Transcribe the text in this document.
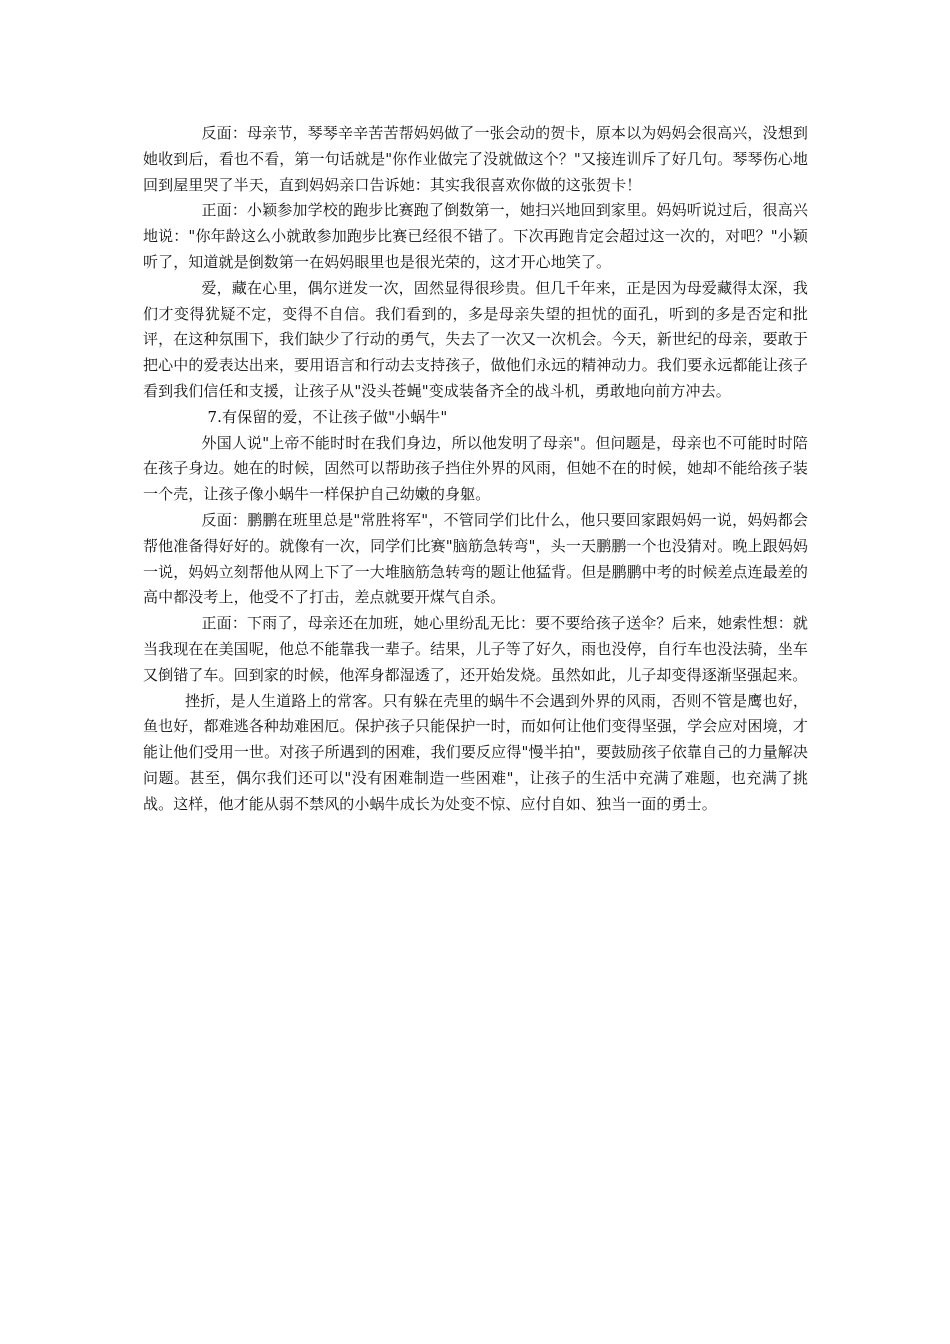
反面：母亲节，琴琴辛辛苦苦帮妈妈做了一张会动的贺卡，原本以为妈妈会很高兴，没想到她收到后，看也不看，第一句话就是"你作业做完了没就做这个？"又接连训斥了好几句。琴琴伤心地回到屋里哭了半天，直到妈妈亲口告诉她：其实我很喜欢你做的这张贺卡！

正面：小颖参加学校的跑步比赛跑了倒数第一，她扫兴地回到家里。妈妈听说过后，很高兴地说："你年龄这么小就敢参加跑步比赛已经很不错了。下次再跑肯定会超过这一次的，对吧？"小颖听了，知道就是倒数第一在妈妈眼里也是很光荣的，这才开心地笑了。

爱，藏在心里，偶尔迸发一次，固然显得很珍贵。但几千年来，正是因为母爱藏得太深，我们才变得犹疑不定，变得不自信。我们看到的，多是母亲失望的担忧的面孔，听到的多是否定和批评，在这种氛围下，我们缺少了行动的勇气，失去了一次又一次机会。今天，新世纪的母亲，要敢于把心中的爱表达出来，要用语言和行动去支持孩子，做他们永远的精神动力。我们要永远都能让孩子看到我们信任和支援，让孩子从"没头苍蝇"变成装备齐全的战斗机，勇敢地向前方冲去。

7.有保留的爱，不让孩子做"小蜗牛"

外国人说"上帝不能时时在我们身边，所以他发明了母亲"。但问题是，母亲也不可能时时陪在孩子身边。她在的时候，固然可以帮助孩子挡住外界的风雨，但她不在的时候，她却不能给孩子装一个壳，让孩子像小蜗牛一样保护自己幼嫩的身躯。

反面：鹏鹏在班里总是"常胜将军"，不管同学们比什么，他只要回家跟妈妈一说，妈妈都会帮他准备得好好的。就像有一次，同学们比赛"脑筋急转弯"，头一天鹏鹏一个也没猜对。晚上跟妈妈一说，妈妈立刻帮他从网上下了一大堆脑筋急转弯的题让他猛背。但是鹏鹏中考的时候差点连最差的高中都没考上，他受不了打击，差点就要开煤气自杀。

正面：下雨了，母亲还在加班，她心里纷乱无比：要不要给孩子送伞？后来，她索性想：就当我现在在美国呢，他总不能靠我一辈子。结果，儿子等了好久，雨也没停，自行车也没法骑，坐车又倒错了车。回到家的时候，他浑身都湿透了，还开始发烧。虽然如此，儿子却变得逐渐坚强起来。

挫折，是人生道路上的常客。只有躲在壳里的蜗牛不会遇到外界的风雨，否则不管是鹰也好，鱼也好，都难逃各种劫难困厄。保护孩子只能保护一时，而如何让他们变得坚强，学会应对困境，才能让他们受用一世。对孩子所遇到的困难，我们要反应得"慢半拍"，要鼓励孩子依靠自己的力量解决问题。甚至，偶尔我们还可以"没有困难制造一些困难"，让孩子的生活中充满了难题，也充满了挑战。这样，他才能从弱不禁风的小蜗牛成长为处变不惊、应付自如、独当一面的勇士。
